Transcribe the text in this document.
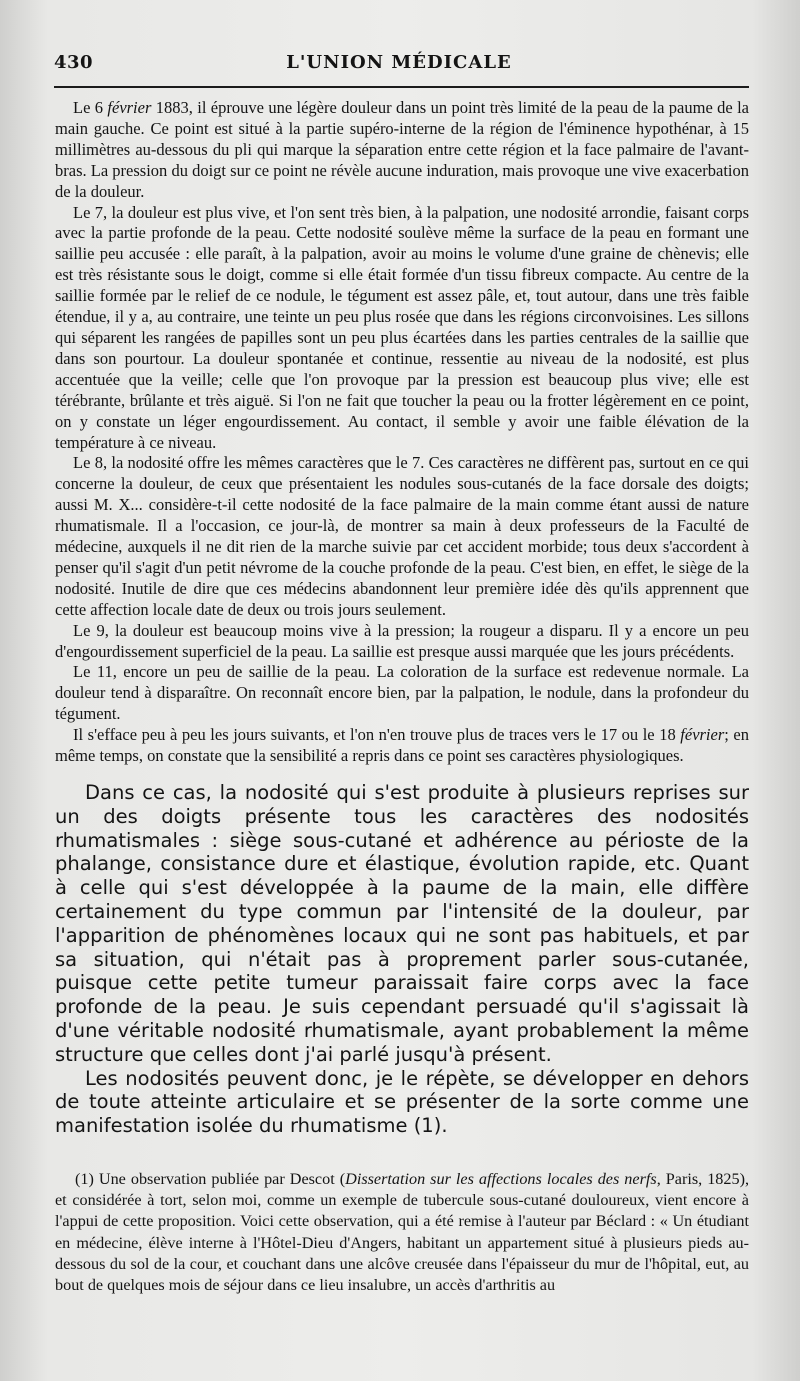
430	L'UNION MÉDICALE

Le 6 février 1883, il éprouve une légère douleur dans un point très limité de la peau de la paume de la main gauche. Ce point est situé à la partie supéro-interne de la région de l'éminence hypothénar, à 15 millimètres au-dessous du pli qui marque la séparation entre cette région et la face palmaire de l'avant-bras. La pression du doigt sur ce point ne révèle aucune induration, mais provoque une vive exacerbation de la douleur.

Le 7, la douleur est plus vive, et l'on sent très bien, à la palpation, une nodosité arrondie, faisant corps avec la partie profonde de la peau. Cette nodosité soulève même la surface de la peau en formant une saillie peu accusée : elle paraît, à la palpation, avoir au moins le volume d'une graine de chènevis; elle est très résistante sous le doigt, comme si elle était formée d'un tissu fibreux compacte. Au centre de la saillie formée par le relief de ce nodule, le tégument est assez pâle, et, tout autour, dans une très faible étendue, il y a, au contraire, une teinte un peu plus rosée que dans les régions circonvoisines. Les sillons qui séparent les rangées de papilles sont un peu plus écartées dans les parties centrales de la saillie que dans son pourtour. La douleur spontanée et continue, ressentie au niveau de la nodosité, est plus accentuée que la veille; celle que l'on provoque par la pression est beaucoup plus vive; elle est térébrante, brûlante et très aiguë. Si l'on ne fait que toucher la peau ou la frotter légèrement en ce point, on y constate un léger engourdissement. Au contact, il semble y avoir une faible élévation de la température à ce niveau.

Le 8, la nodosité offre les mêmes caractères que le 7. Ces caractères ne diffèrent pas, surtout en ce qui concerne la douleur, de ceux que présentaient les nodules sous-cutanés de la face dorsale des doigts; aussi M. X... considère-t-il cette nodosité de la face palmaire de la main comme étant aussi de nature rhumatismale. Il a l'occasion, ce jour-là, de montrer sa main à deux professeurs de la Faculté de médecine, auxquels il ne dit rien de la marche suivie par cet accident morbide; tous deux s'accordent à penser qu'il s'agit d'un petit névrome de la couche profonde de la peau. C'est bien, en effet, le siège de la nodosité. Inutile de dire que ces médecins abandonnent leur première idée dès qu'ils apprennent que cette affection locale date de deux ou trois jours seulement.

Le 9, la douleur est beaucoup moins vive à la pression; la rougeur a disparu. Il y a encore un peu d'engourdissement superficiel de la peau. La saillie est presque aussi marquée que les jours précédents.

Le 11, encore un peu de saillie de la peau. La coloration de la surface est redevenue normale. La douleur tend à disparaître. On reconnaît encore bien, par la palpation, le nodule, dans la profondeur du tégument.

Il s'efface peu à peu les jours suivants, et l'on n'en trouve plus de traces vers le 17 ou le 18 février; en même temps, on constate que la sensibilité a repris dans ce point ses caractères physiologiques.

Dans ce cas, la nodosité qui s'est produite à plusieurs reprises sur un des doigts présente tous les caractères des nodosités rhumatismales : siège sous-cutané et adhérence au périoste de la phalange, consistance dure et élastique, évolution rapide, etc. Quant à celle qui s'est développée à la paume de la main, elle diffère certainement du type commun par l'intensité de la douleur, par l'apparition de phénomènes locaux qui ne sont pas habituels, et par sa situation, qui n'était pas à proprement parler sous-cutanée, puisque cette petite tumeur paraissait faire corps avec la face profonde de la peau. Je suis cependant persuadé qu'il s'agissait là d'une véritable nodosité rhumatismale, ayant probablement la même structure que celles dont j'ai parlé jusqu'à présent.

Les nodosités peuvent donc, je le répète, se développer en dehors de toute atteinte articulaire et se présenter de la sorte comme une manifestation isolée du rhumatisme (1).

(1) Une observation publiée par Descot (Dissertation sur les affections locales des nerfs, Paris, 1825), et considérée à tort, selon moi, comme un exemple de tubercule sous-cutané douloureux, vient encore à l'appui de cette proposition. Voici cette observation, qui a été remise à l'auteur par Béclard : « Un étudiant en médecine, élève interne à l'Hôtel-Dieu d'Angers, habitant un appartement situé à plusieurs pieds au-dessous du sol de la cour, et couchant dans une alcôve creusée dans l'épaisseur du mur de l'hôpital, eut, au bout de quelques mois de séjour dans ce lieu insalubre, un accès d'arthritis au
